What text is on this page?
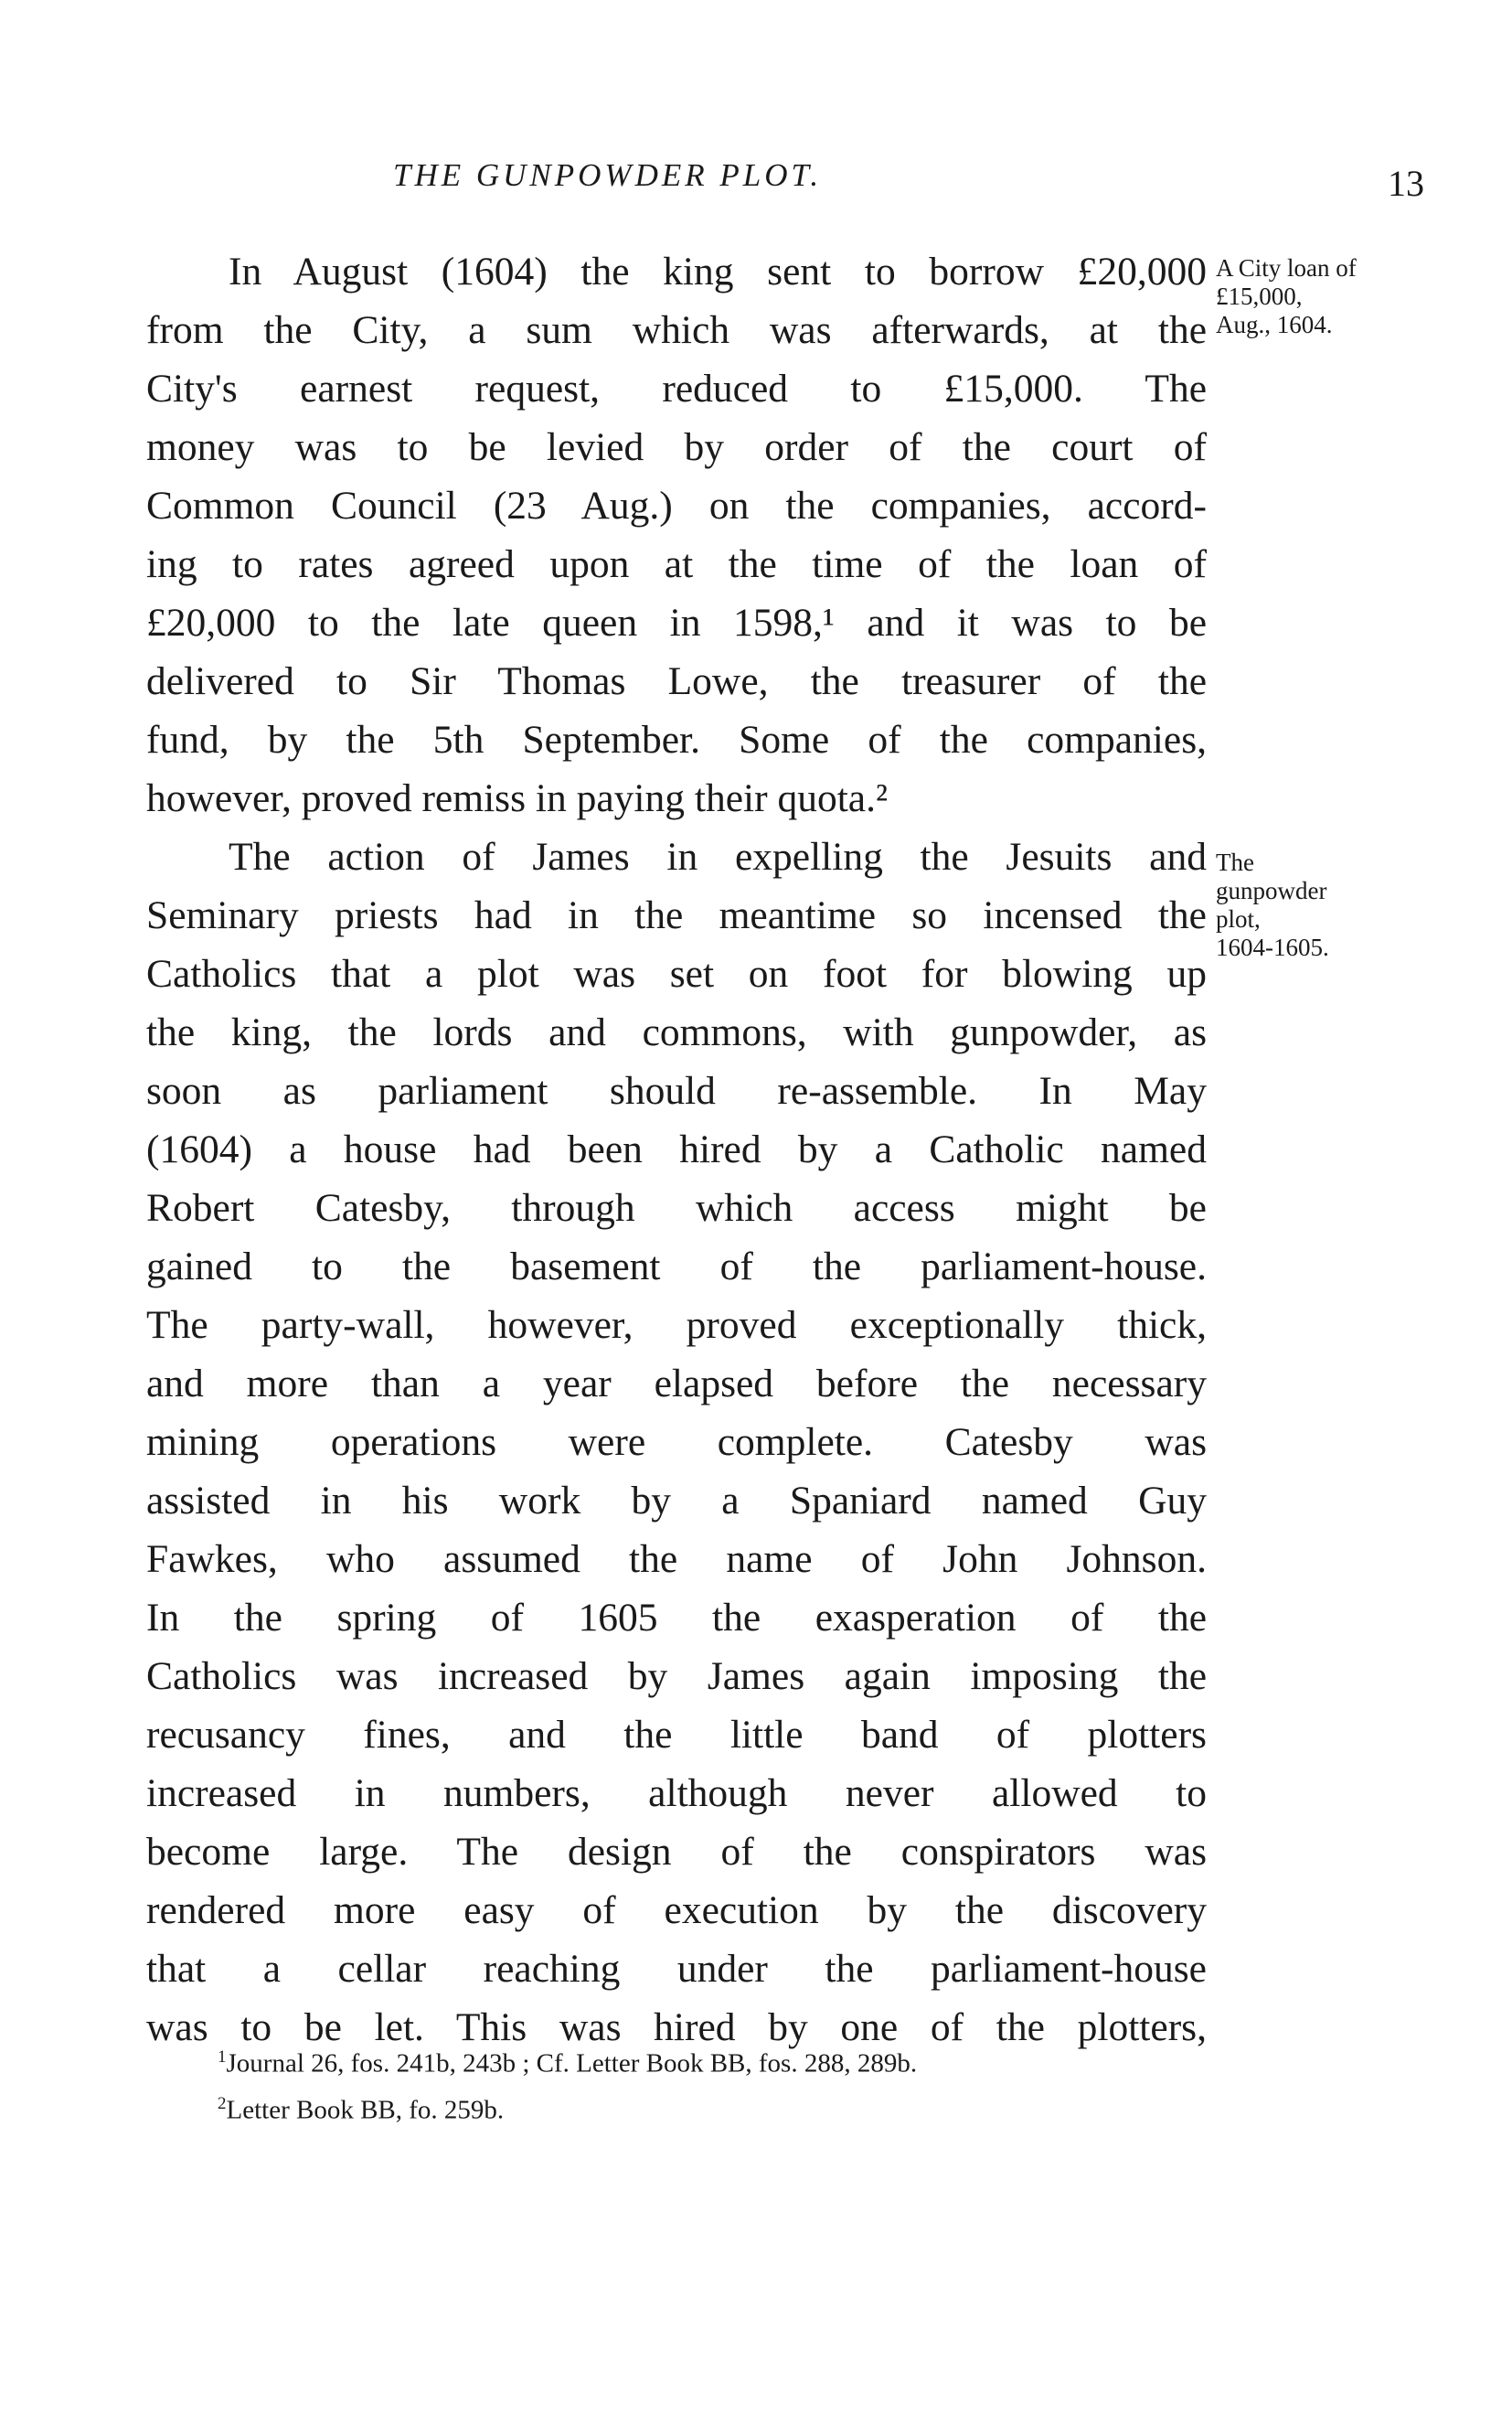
THE GUNPOWDER PLOT.	13
In August (1604) the king sent to borrow £20,000
from the City, a sum which was afterwards, at the
City's earnest request, reduced to £15,000. The
money was to be levied by order of the court of
Common Council (23 Aug.) on the companies, accord-
ing to rates agreed upon at the time of the loan of
£20,000 to the late queen in 1598,¹ and it was to be
delivered to Sir Thomas Lowe, the treasurer of the
fund, by the 5th September. Some of the companies,
however, proved remiss in paying their quota.²
The action of James in expelling the Jesuits and
Seminary priests had in the meantime so incensed the
Catholics that a plot was set on foot for blowing up
the king, the lords and commons, with gunpowder, as
soon as parliament should re-assemble. In May
(1604) a house had been hired by a Catholic named
Robert Catesby, through which access might be
gained to the basement of the parliament-house.
The party-wall, however, proved exceptionally thick,
and more than a year elapsed before the necessary
mining operations were complete. Catesby was
assisted in his work by a Spaniard named Guy
Fawkes, who assumed the name of John Johnson.
In the spring of 1605 the exasperation of the
Catholics was increased by James again imposing the
recusancy fines, and the little band of plotters
increased in numbers, although never allowed to
become large. The design of the conspirators was
rendered more easy of execution by the discovery
that a cellar reaching under the parliament-house
was to be let. This was hired by one of the plotters,
A City loan of
£15,000,
Aug., 1604.
The
gunpowder
plot,
1604-1605.
$^1$Journal 26, fos. 241b, 243b ; Cf. Letter Book BB, fos. 288, 289b.
$^2$Letter Book BB, fo. 259b.
